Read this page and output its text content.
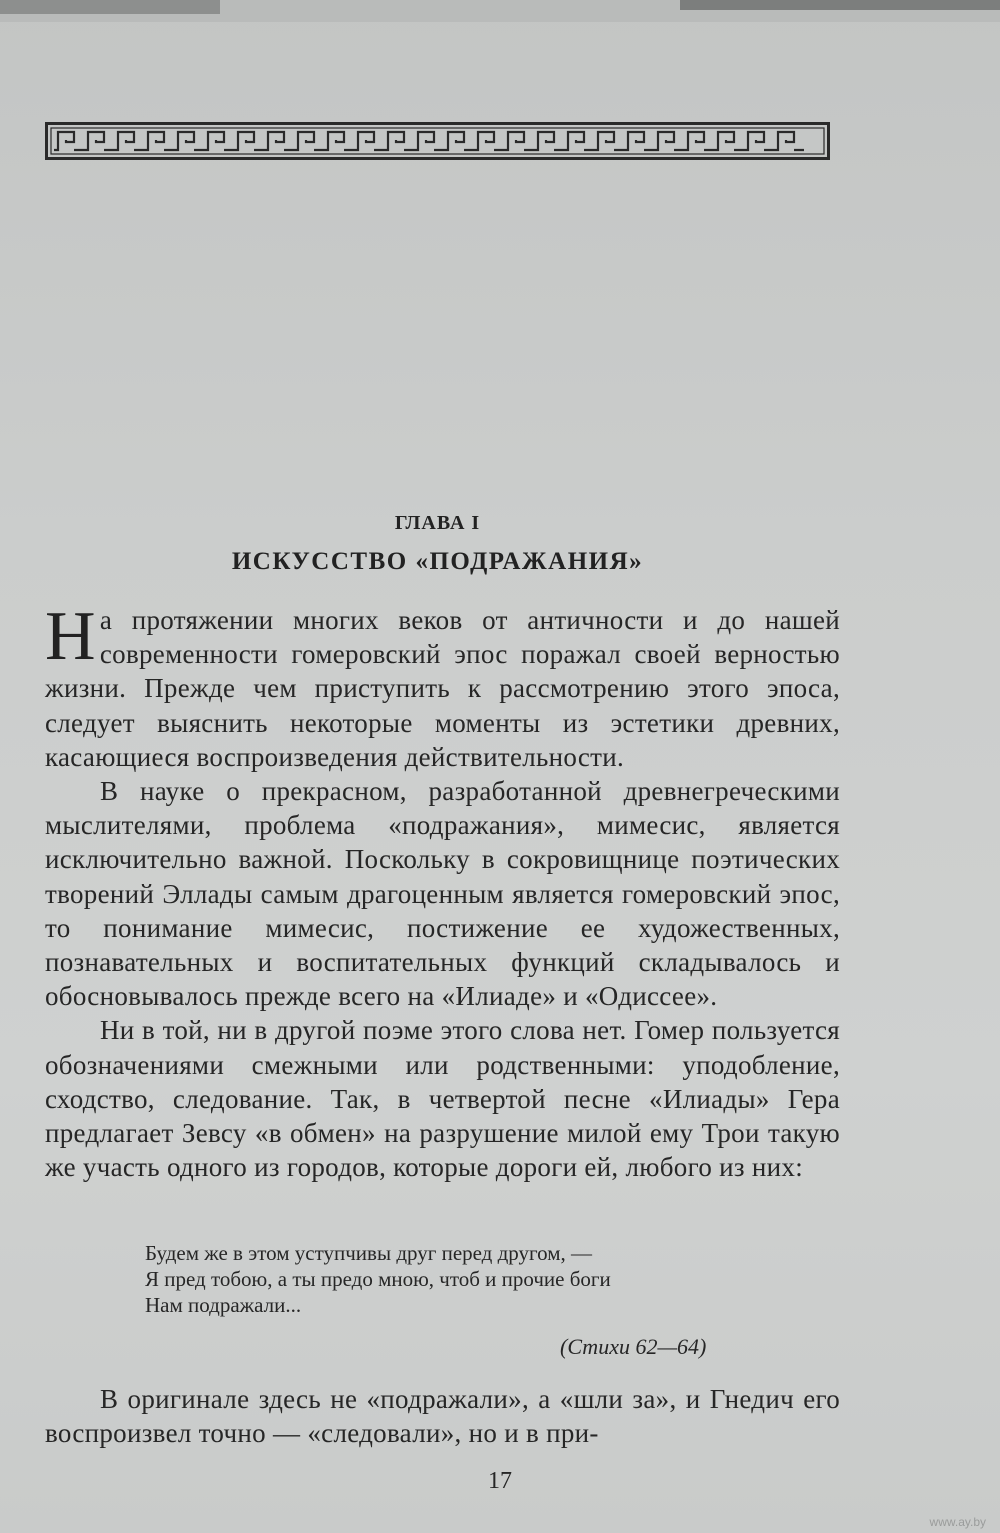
ГЛАВА I
ИСКУССТВО «ПОДРАЖАНИЯ»

На протяжении многих веков от античности и до нашей современности гомеровский эпос поражал своей верностью жизни. Прежде чем приступить к рассмотрению этого эпоса, следует выяснить некоторые моменты из эстетики древних, касающиеся воспроизведения действительности.

В науке о прекрасном, разработанной древнегреческими мыслителями, проблема «подражания», мимесис, является исключительно важной. Поскольку в сокровищнице поэтических творений Эллады самым драгоценным является гомеровский эпос, то понимание мимесис, постижение ее художественных, познавательных и воспитательных функций складывалось и обосновывалось прежде всего на «Илиаде» и «Одиссее».

Ни в той, ни в другой поэме этого слова нет. Гомер пользуется обозначениями смежными или родственными: уподобление, сходство, следование. Так, в четвертой песне «Илиады» Гера предлагает Зевсу «в обмен» на разрушение милой ему Трои такую же участь одного из городов, которые дороги ей, любого из них:

Будем же в этом уступчивы друг перед другом, —

Я пред тобою, а ты предо мною, чтоб и прочие боги

Нам подражали...

(Стихи 62—64)

В оригинале здесь не «подражали», а «шли за», и Гнедич его воспроизвел точно — «следовали», но и в при-

17
www.ay.by
